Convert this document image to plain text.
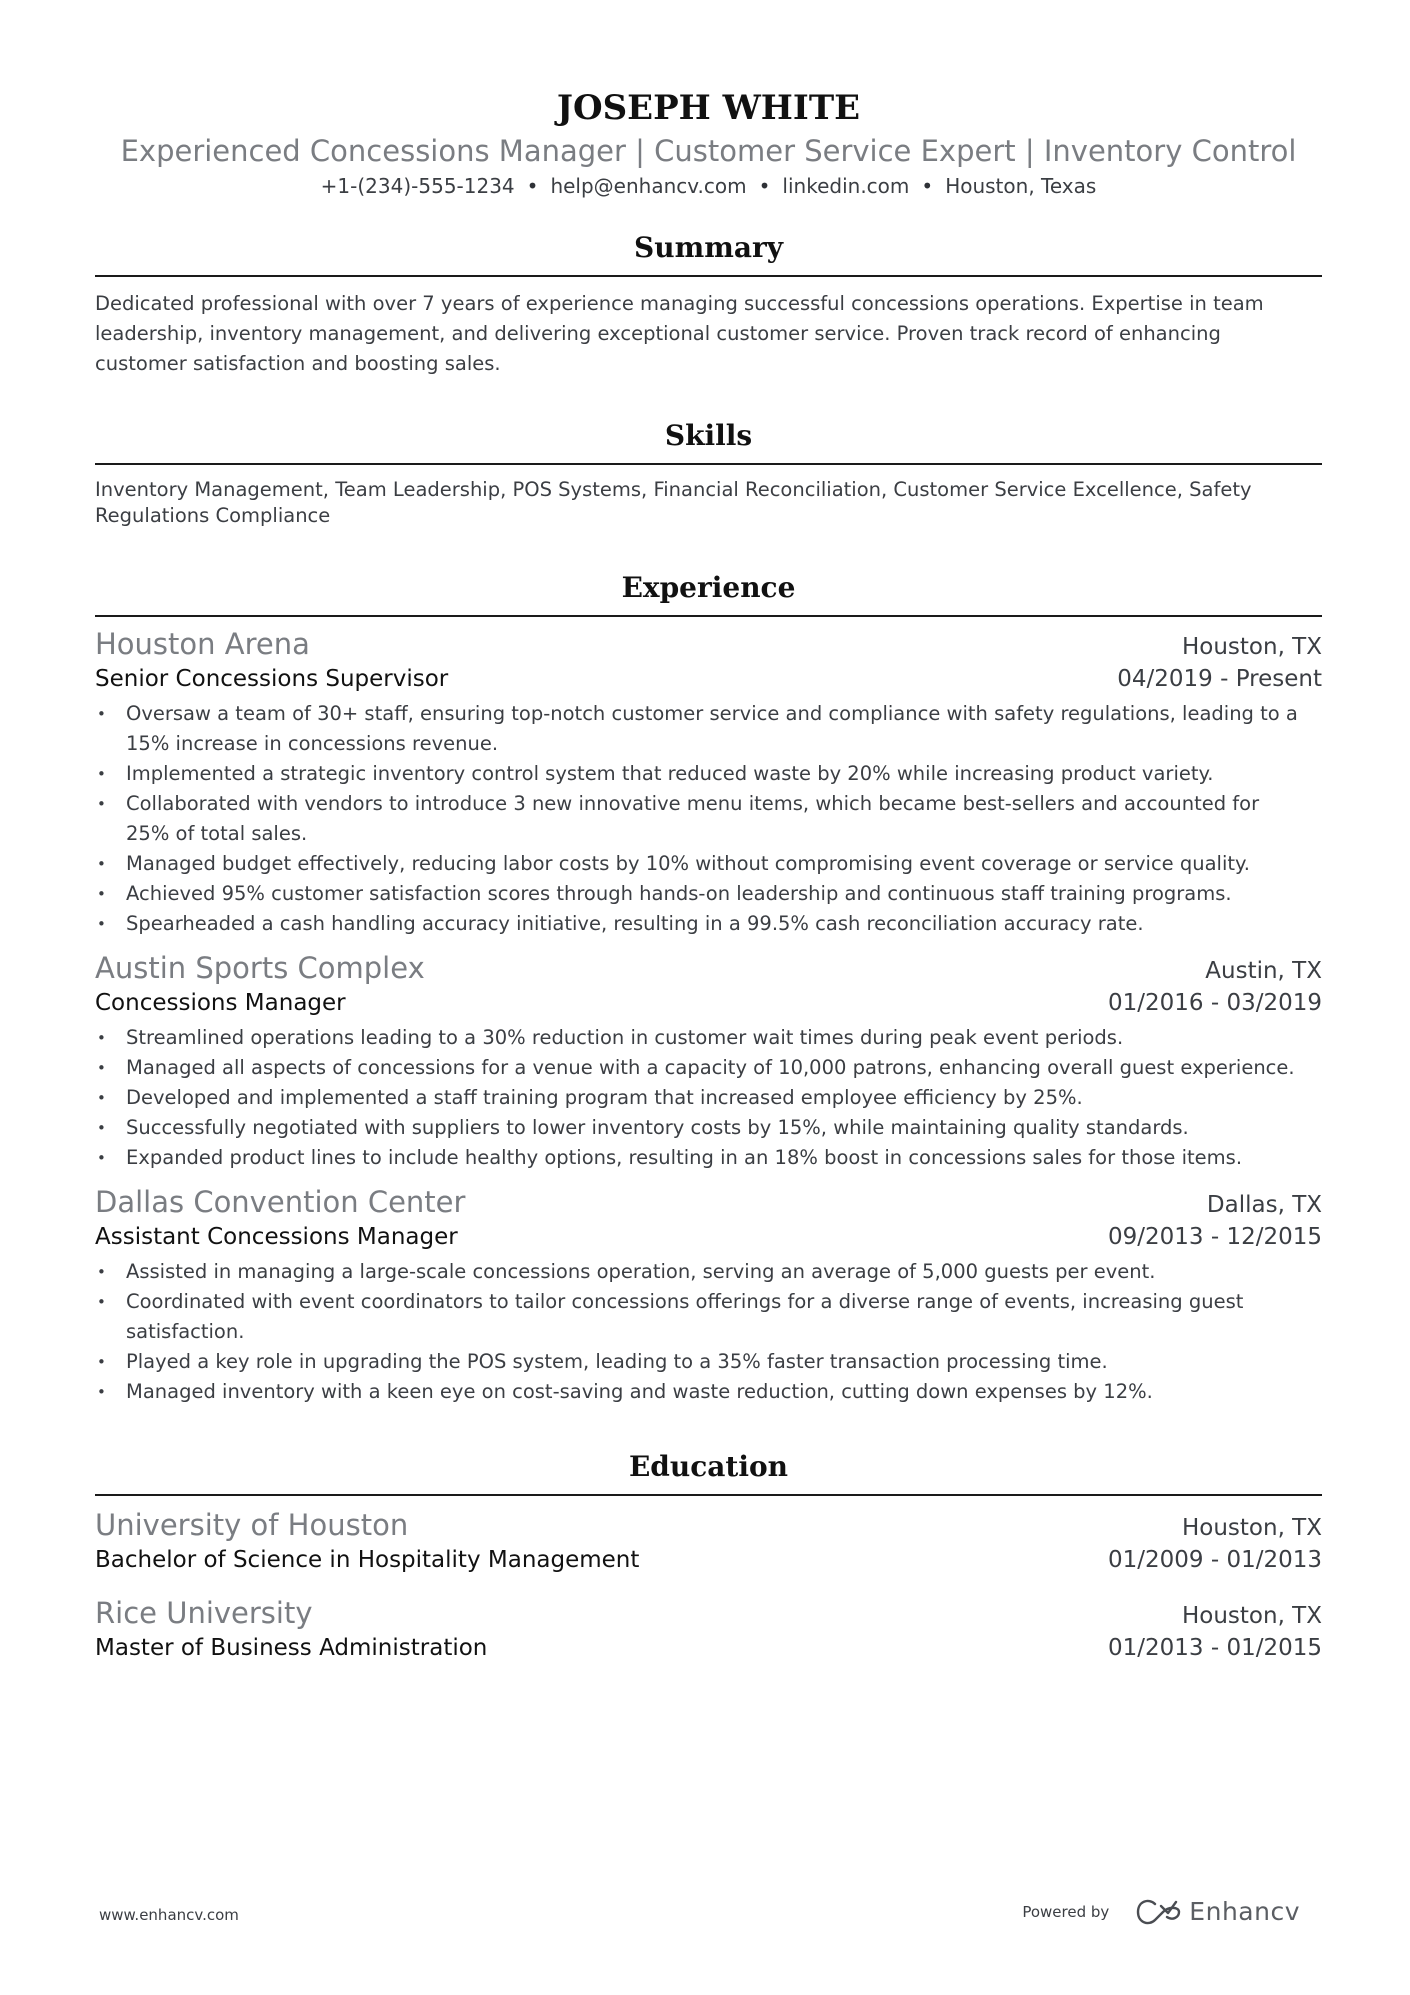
JOSEPH WHITE
Experienced Concessions Manager | Customer Service Expert | Inventory Control
+1-(234)-555-1234 • help@enhancv.com • linkedin.com • Houston, Texas
Summary
Dedicated professional with over 7 years of experience managing successful concessions operations. Expertise in team
leadership, inventory management, and delivering exceptional customer service. Proven track record of enhancing
customer satisfaction and boosting sales.
Skills
Inventory Management, Team Leadership, POS Systems, Financial Reconciliation, Customer Service Excellence, Safety
Regulations Compliance
Experience
Houston Arena	Houston, TX
Senior Concessions Supervisor	04/2019 - Present
• Oversaw a team of 30+ staff, ensuring top-notch customer service and compliance with safety regulations, leading to a
15% increase in concessions revenue.
• Implemented a strategic inventory control system that reduced waste by 20% while increasing product variety.
• Collaborated with vendors to introduce 3 new innovative menu items, which became best-sellers and accounted for
25% of total sales.
• Managed budget effectively, reducing labor costs by 10% without compromising event coverage or service quality.
• Achieved 95% customer satisfaction scores through hands-on leadership and continuous staff training programs.
• Spearheaded a cash handling accuracy initiative, resulting in a 99.5% cash reconciliation accuracy rate.
Austin Sports Complex	Austin, TX
Concessions Manager	01/2016 - 03/2019
• Streamlined operations leading to a 30% reduction in customer wait times during peak event periods.
• Managed all aspects of concessions for a venue with a capacity of 10,000 patrons, enhancing overall guest experience.
• Developed and implemented a staff training program that increased employee efficiency by 25%.
• Successfully negotiated with suppliers to lower inventory costs by 15%, while maintaining quality standards.
• Expanded product lines to include healthy options, resulting in an 18% boost in concessions sales for those items.
Dallas Convention Center	Dallas, TX
Assistant Concessions Manager	09/2013 - 12/2015
• Assisted in managing a large-scale concessions operation, serving an average of 5,000 guests per event.
• Coordinated with event coordinators to tailor concessions offerings for a diverse range of events, increasing guest
satisfaction.
• Played a key role in upgrading the POS system, leading to a 35% faster transaction processing time.
• Managed inventory with a keen eye on cost-saving and waste reduction, cutting down expenses by 12%.
Education
University of Houston	Houston, TX
Bachelor of Science in Hospitality Management	01/2009 - 01/2013
Rice University	Houston, TX
Master of Business Administration	01/2013 - 01/2015
www.enhancv.com	Powered by	Enhancv
